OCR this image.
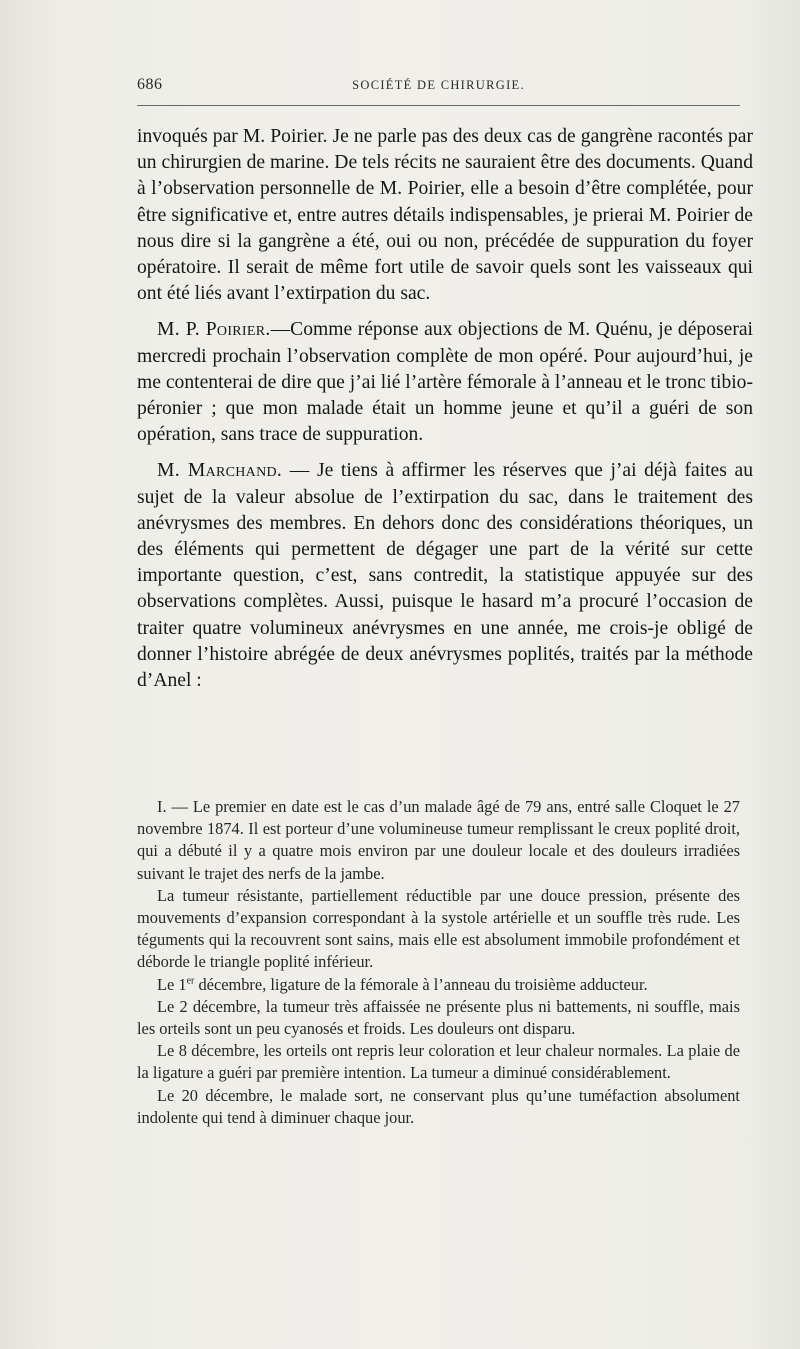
686	SOCIÉTÉ DE CHIRURGIE.

invoqués par M. Poirier. Je ne parle pas des deux cas de gangrène racontés par un chirurgien de marine. De tels récits ne sauraient être des documents. Quand à l’observation personnelle de M. Poirier, elle a besoin d’être complétée, pour être significative et, entre autres détails indispensables, je prierai M. Poirier de nous dire si la gangrène a été, oui ou non, précédée de suppuration du foyer opératoire. Il serait de même fort utile de savoir quels sont les vaisseaux qui ont été liés avant l’extirpation du sac.

M. P. Poirier.—Comme réponse aux objections de M. Quénu, je déposerai mercredi prochain l’observation complète de mon opéré. Pour aujourd’hui, je me contenterai de dire que j’ai lié l’artère fémorale à l’anneau et le tronc tibio-péronier ; que mon malade était un homme jeune et qu’il a guéri de son opération, sans trace de suppuration.

M. Marchand. — Je tiens à affirmer les réserves que j’ai déjà faites au sujet de la valeur absolue de l’extirpation du sac, dans le traitement des anévrysmes des membres. En dehors donc des considérations théoriques, un des éléments qui permettent de dégager une part de la vérité sur cette importante question, c’est, sans contredit, la statistique appuyée sur des observations complètes. Aussi, puisque le hasard m’a procuré l’occasion de traiter quatre volumineux anévrysmes en une année, me crois-je obligé de donner l’histoire abrégée de deux anévrysmes poplités, traités par la méthode d’Anel :

I. — Le premier en date est le cas d’un malade âgé de 79 ans, entré salle Cloquet le 27 novembre 1874. Il est porteur d’une volumineuse tumeur remplissant le creux poplité droit, qui a débuté il y a quatre mois environ par une douleur locale et des douleurs irradiées suivant le trajet des nerfs de la jambe.

La tumeur résistante, partiellement réductible par une douce pression, présente des mouvements d’expansion correspondant à la systole artérielle et un souffle très rude. Les téguments qui la recouvrent sont sains, mais elle est absolument immobile profondément et déborde le triangle poplité inférieur.

Le 1er décembre, ligature de la fémorale à l’anneau du troisième adducteur.

Le 2 décembre, la tumeur très affaissée ne présente plus ni battements, ni souffle, mais les orteils sont un peu cyanosés et froids. Les douleurs ont disparu.

Le 8 décembre, les orteils ont repris leur coloration et leur chaleur normales. La plaie de la ligature a guéri par première intention. La tumeur a diminué considérablement.

Le 20 décembre, le malade sort, ne conservant plus qu’une tuméfaction absolument indolente qui tend à diminuer chaque jour.
